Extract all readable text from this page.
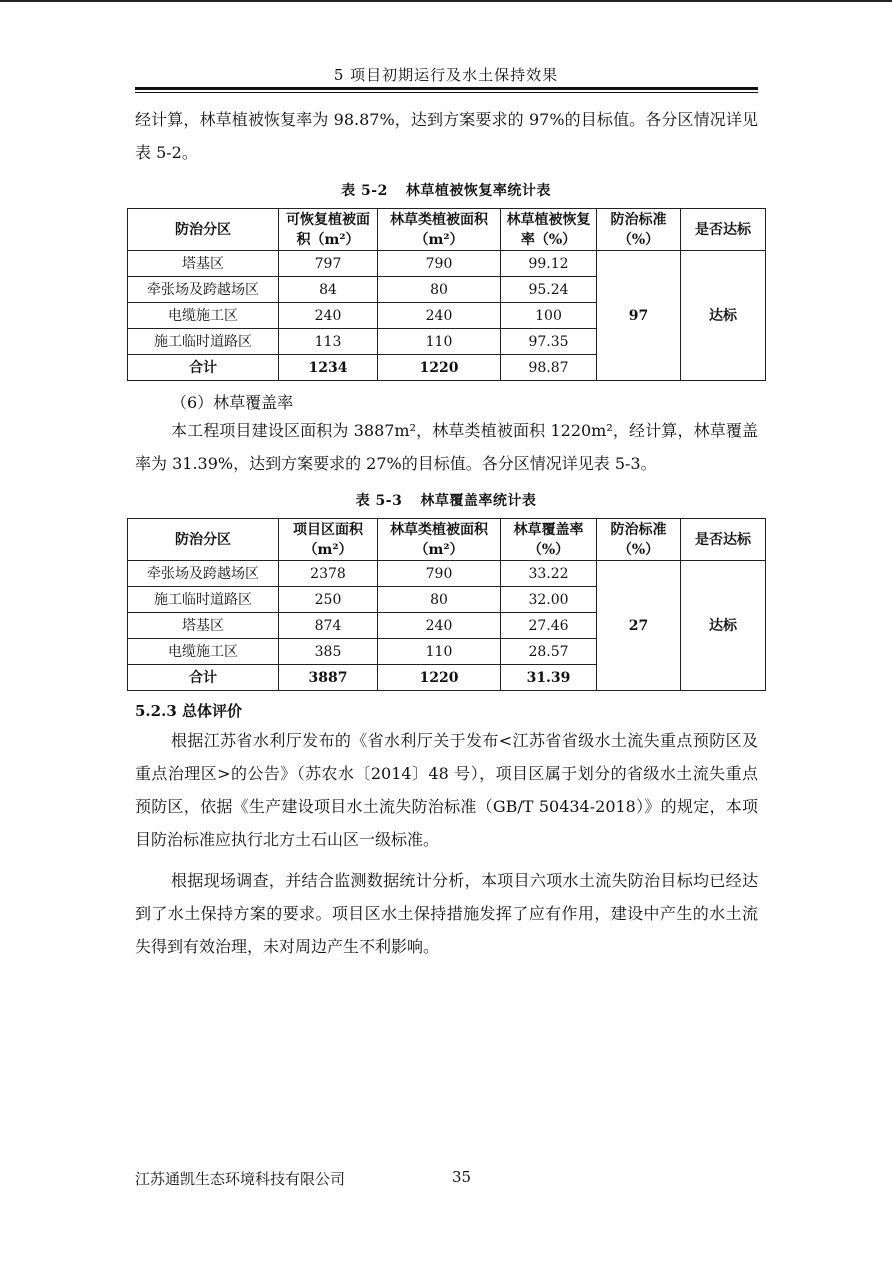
5 项目初期运行及水土保持效果

经计算，林草植被恢复率为 98.87%，达到方案要求的 97%的目标值。各分区情况详见表 5-2。

表 5-2 林草植被恢复率统计表
防治分区	可恢复植被面积（m²）	林草类植被面积（m²）	林草植被恢复率（%）	防治标准（%）	是否达标
塔基区	797	790	99.12	97	达标
牵张场及跨越场区	84	80	95.24		
电缆施工区	240	240	100		
施工临时道路区	113	110	97.35		
合计	1234	1220	98.87		
（6）林草覆盖率

本工程项目建设区面积为 3887m²，林草类植被面积 1220m²，经计算，林草覆盖率为 31.39%，达到方案要求的 27%的目标值。各分区情况详见表 5-3。

表 5-3 林草覆盖率统计表
防治分区	项目区面积（m²）	林草类植被面积（m²）	林草覆盖率（%）	防治标准（%）	是否达标
牵张场及跨越场区	2378	790	33.22	27	达标
施工临时道路区	250	80	32.00		
塔基区	874	240	27.46		
电缆施工区	385	110	28.57		
合计	3887	1220	31.39		
5.2.3 总体评价

根据江苏省水利厅发布的《省水利厅关于发布<江苏省省级水土流失重点预防区及重点治理区>的公告》（苏农水〔2014〕48 号），项目区属于划分的省级水土流失重点预防区，依据《生产建设项目水土流失防治标准（GB/T 50434-2018）》的规定，本项目防治标准应执行北方土石山区一级标准。

根据现场调查，并结合监测数据统计分析，本项目六项水土流失防治目标均已经达到了水土保持方案的要求。项目区水土保持措施发挥了应有作用，建设中产生的水土流失得到有效治理，未对周边产生不利影响。

江苏通凯生态环境科技有限公司	35
